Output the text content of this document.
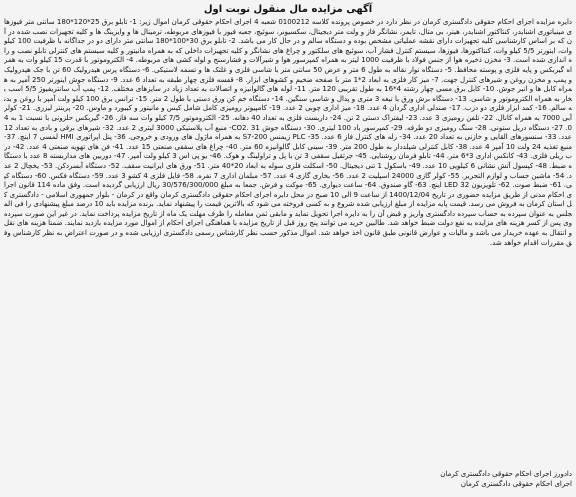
آگهی مزایده مال منقول نوبت اول
دایره مزایده اجرای احکام حقوقی دادگستری کرمان در نظر دارد در خصوص پرونده کلاسه 0100212 شعبه 4 اجرای احکام حقوقی کرمان اموال زیر: 1- تابلو برق 25*120*180 سانتی متر فیوزهای مینیاتوری اشنایدر، کنتاکتور اشنایدر، هیتر، بی متال، تایمر، نشانگر فاز و ولت متر دیجیتال، سکسیونر، سوئیچ، جعبه فیوز با فیوزهای مربوطه، ترمینال ها و وایرینگ ها و کلیه تجهیزات نصب شده در آن که بر اساس کارشناسی کلیه تجهیزات دارای نقشه عملیاتی مشخص بوده و دستگاه سالم و در حال کار می باشد. 2- تابلو برق 30*100*180 سانتی متر دارای دو در جداگانه با ظرفیت 100 کیلو وات، اینورتر 5/5 کیلو وات، کنتاکتورها، فیوزها، سیستم کنترل فشار آب، سوئیچ های سلکتور و چراغ های نشانگر و کلیه تجهیزات داخلی که به همراه مانیتور و کلیه سیستم های کنترلی تابلو نصب و راه اندازی شده است. 3- مخزن ذخیره هوا از جنس فولاد با ظرفیت 1000 لیتر به همراه کمپرسور هوا و شیرآلات و فشارسنج و لوله کشی های مربوطه. 4- الکتروموتور با قدرت 15 کیلو وات به همراه گیربکس و پایه فلزی و پوسته محافظ. 5- دستگاه نوار نقاله به طول 6 متر و عرض 50 سانتی متر با شاسی فلزی و غلتک ها و تسمه لاستیکی. 6- دستگاه پرس هیدرولیک 60 تن با جک هیدرولیک و پمپ و مخزن روغن و شیرهای کنترل جهت. 7- میز کار فلزی به ابعاد 2*1 متر با صفحه ضخیم و کشوهای ابزار. 8- قفسه فلزی چهار طبقه به تعداد 6 عدد. 9- دستگاه جوش اینورتر 250 آمپر به همراه کابل ها و انبر جوش. 10- کابل برق مسی چهار رشته 4*16 به طول تقریبی 120 متر. 11- لوله های گالوانیزه و اتصالات به تعداد زیاد در سایزهای مختلف. 12- پمپ آب سانتریفیوژ 5/5 اسب بخار به همراه الکتروموتور و شاسی. 13- دستگاه برش ورق با تیغه 3 متری و پدال و شاسی سنگین. 14- دستگاه خم کن ورق دستی با طول 2 متر. 15- ترانس برق 100 کیلو ولت آمپر با روغن و بدنه سالم. 16- کمد ابزار فلزی دو درب. 17- صندلی اداری گردان 4 عدد. 18- میز اداری چوبی 2 عدد. 19- کامپیوتر رومیزی کامل شامل کیس و مانیتور و کیبورد و ماوس. 20- پرینتر لیزری. 21- کولر آبی 7000 به همراه کانال. 22- تلفن رومیزی 3 عدد. 23- لیفتراک دستی 2 تن. 24- داربست فلزی به تعداد 40 دهانه. 25- الکتروموتور 7/5 کیلو وات سه فاز. 26- گیربکس حلزونی با نسبت 1 به 40. 27- دستگاه دریل ستونی. 28- سنگ رومیزی دو طرفه. 29- کمپرسور باد 100 لیتری. 30- دستگاه جوش CO2. 31- منبع آب پلاستیکی 3000 لیتری 2 عدد. 32- شیرهای برقی و بادی به تعداد 12 عدد. 33- سنسورهای القایی و خازنی به تعداد 20 عدد. 34- رله های کنترل فاز 6 عدد. 35- PLC زیمنس S7-200 به همراه ماژول های ورودی و خروجی. 36- پنل اپراتوری HMI لمسی 7 اینچ. 37- منبع تغذیه 24 ولت 10 آمپر 4 عدد. 38- کابل کنترلی شیلددار به طول 200 متر. 39- سینی کابل گالوانیزه 60 متر. 40- چراغ های سقفی صنعتی 15 عدد. 41- فن های تهویه صنعتی 4 عدد. 42- درب ریلی فلزی. 43- کانکس اداری 3*6 متر. 44- تابلو فرمان روشنایی. 45- جرثقیل سقفی 3 تن با پل و تراولینگ و هوک. 46- یو پی اس 3 کیلو ولت آمپر. 47- دوربین های مداربسته 8 عدد با دستگاه ضبط. 48- کپسول آتش نشانی 6 کیلویی 10 عدد. 49- باسکول 1 تنی دیجیتال. 50- اسکلت فلزی سوله به ابعاد 20*40 متر. 51- ورق های ایرانیت سقف. 52- دستگاه آبسردکن. 53- یخچال 2 عدد. 54- ماشین حساب و لوازم التحریر. 55- کولر گازی 24000 اسپلیت 2 عدد. 56- بخاری گازی 4 عدد. 57- مبلمان اداری 7 نفره. 58- فایل فلزی 4 کشو 3 عدد. 59- دستگاه فکس. 60- دستگاه کپی. 61- ضبط صوت. 62- تلویزیون LED 32 اینچ. 63- گاو صندوق. 64- ساعت دیواری. 65- موکت و فرش. جمعا به مبلغ 30/576/300/000 ریال ارزیابی گردیده است. وفق ماده 114 قانون اجرای احکام مدنی از طریق مزایده حضوری در تاریخ 1400/12/04 از ساعت 9 الی 10 صبح در محل دایره اجرای احکام حقوقی دادگستری کرمان واقع در کرمان - بلوار جمهوری اسلامی - دادگستری کل استان کرمان به فروش می رسد. قیمت پایه مزایده از مبلغ ارزیابی شده شروع و به کسی فروخته می شود که بالاترین قیمت را پیشنهاد نماید. برنده مزایده باید 10 درصد مبلغ پیشنهادی را فی المجلس به عنوان سپرده به حساب سپرده دادگستری واریز و قبض آن را به دایره اجرا تحویل نماید و مابقی ثمن معامله را ظرف مهلت یک ماه از تاریخ مزایده پرداخت نماید. در غیر این صورت سپرده وی پس از کسر هزینه های مزایده به نفع دولت ضبط خواهد شد. طالبین خرید می توانند پنج روز قبل از تاریخ مزایده با هماهنگی اجرای احکام از اموال مورد مزایده بازدید نمایند. ضمنا هزینه های نقل و انتقال به عهده خریدار می باشد و مالیات و عوارض قانونی طبق قانون اخذ خواهد شد. اموال مذکور حسب نظر کارشناس رسمی دادگستری ارزیابی شده و در صورت اعتراض به نظر کارشناس وفق مقررات اقدام خواهد شد.
دادورز اجرای احکام حقوقی دادگستری کرمان
اجرای احکام حقوقی دادگستری کرمان
